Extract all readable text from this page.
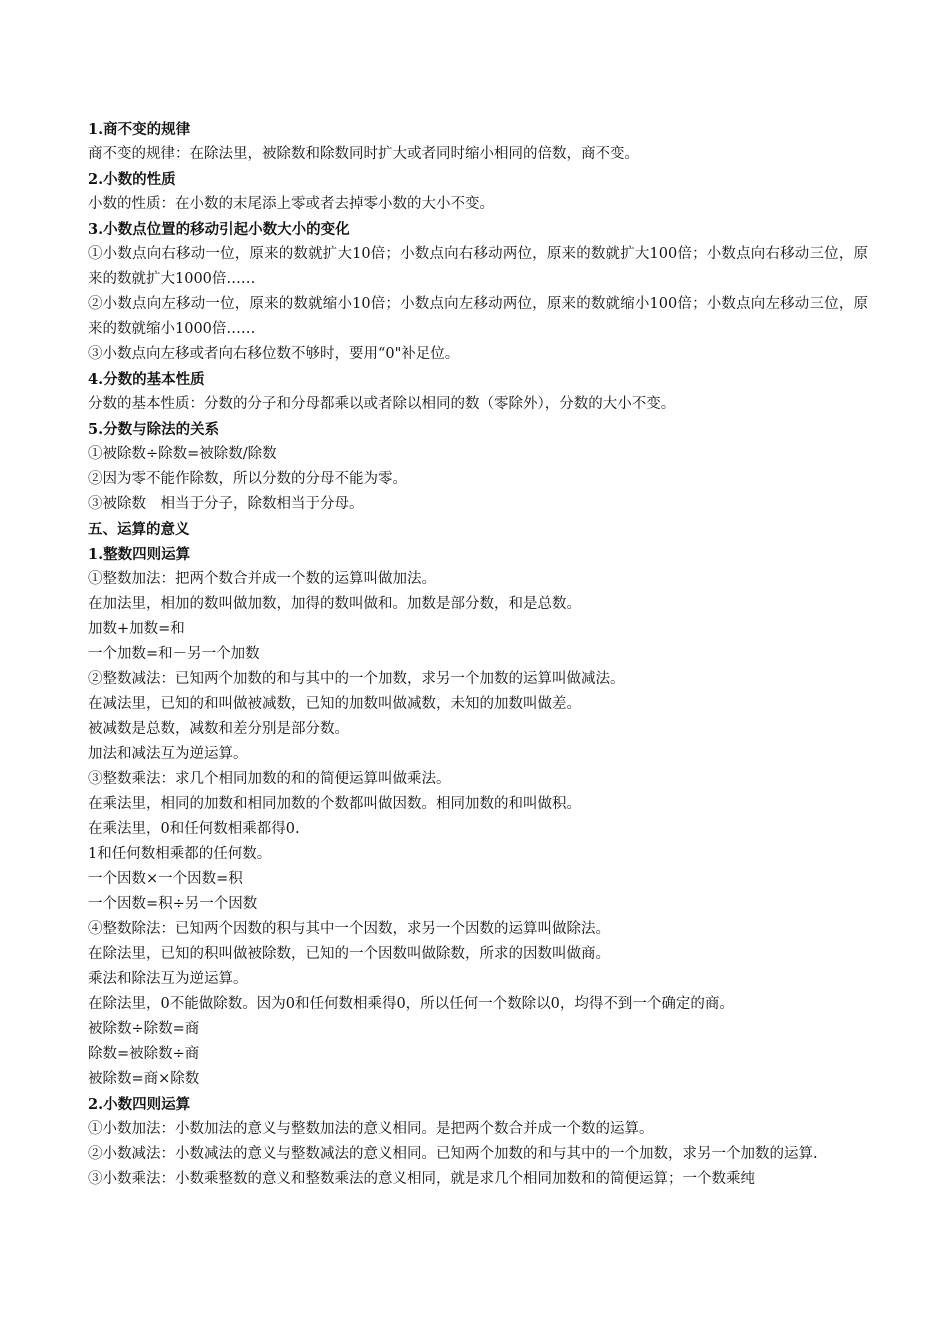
1.商不变的规律
商不变的规律：在除法里，被除数和除数同时扩大或者同时缩小相同的倍数，商不变。
2.小数的性质
小数的性质：在小数的末尾添上零或者去掉零小数的大小不变。
3.小数点位置的移动引起小数大小的变化
①小数点向右移动一位，原来的数就扩大10倍；小数点向右移动两位，原来的数就扩大100倍；小数点向右移动三位，原来的数就扩大1000倍……
②小数点向左移动一位，原来的数就缩小10倍；小数点向左移动两位，原来的数就缩小100倍；小数点向左移动三位，原来的数就缩小1000倍……
③小数点向左移或者向右移位数不够时，要用“0"补足位。
4.分数的基本性质
分数的基本性质：分数的分子和分母都乘以或者除以相同的数（零除外），分数的大小不变。
5.分数与除法的关系
①被除数÷除数=被除数/除数
②因为零不能作除数，所以分数的分母不能为零。
③被除数　相当于分子，除数相当于分母。
五、运算的意义
1.整数四则运算
①整数加法：把两个数合并成一个数的运算叫做加法。
在加法里，相加的数叫做加数，加得的数叫做和。加数是部分数，和是总数。
加数+加数=和
一个加数=和－另一个加数
②整数减法：已知两个加数的和与其中的一个加数，求另一个加数的运算叫做减法。
在减法里，已知的和叫做被减数，已知的加数叫做减数，未知的加数叫做差。
被减数是总数，减数和差分别是部分数。
加法和减法互为逆运算。
③整数乘法：求几个相同加数的和的简便运算叫做乘法。
在乘法里，相同的加数和相同加数的个数都叫做因数。相同加数的和叫做积。
在乘法里，0和任何数相乘都得0.
1和任何数相乘都的任何数。
一个因数×一个因数=积
一个因数=积÷另一个因数
④整数除法：已知两个因数的积与其中一个因数，求另一个因数的运算叫做除法。
在除法里，已知的积叫做被除数，已知的一个因数叫做除数，所求的因数叫做商。
乘法和除法互为逆运算。
在除法里，0不能做除数。因为0和任何数相乘得0，所以任何一个数除以0，均得不到一个确定的商。
被除数÷除数=商
除数=被除数÷商
被除数=商×除数
2.小数四则运算
①小数加法：小数加法的意义与整数加法的意义相同。是把两个数合并成一个数的运算。
②小数减法：小数减法的意义与整数减法的意义相同。已知两个加数的和与其中的一个加数，求另一个加数的运算.
③小数乘法：小数乘整数的意义和整数乘法的意义相同，就是求几个相同加数和的简便运算；一个数乘纯
